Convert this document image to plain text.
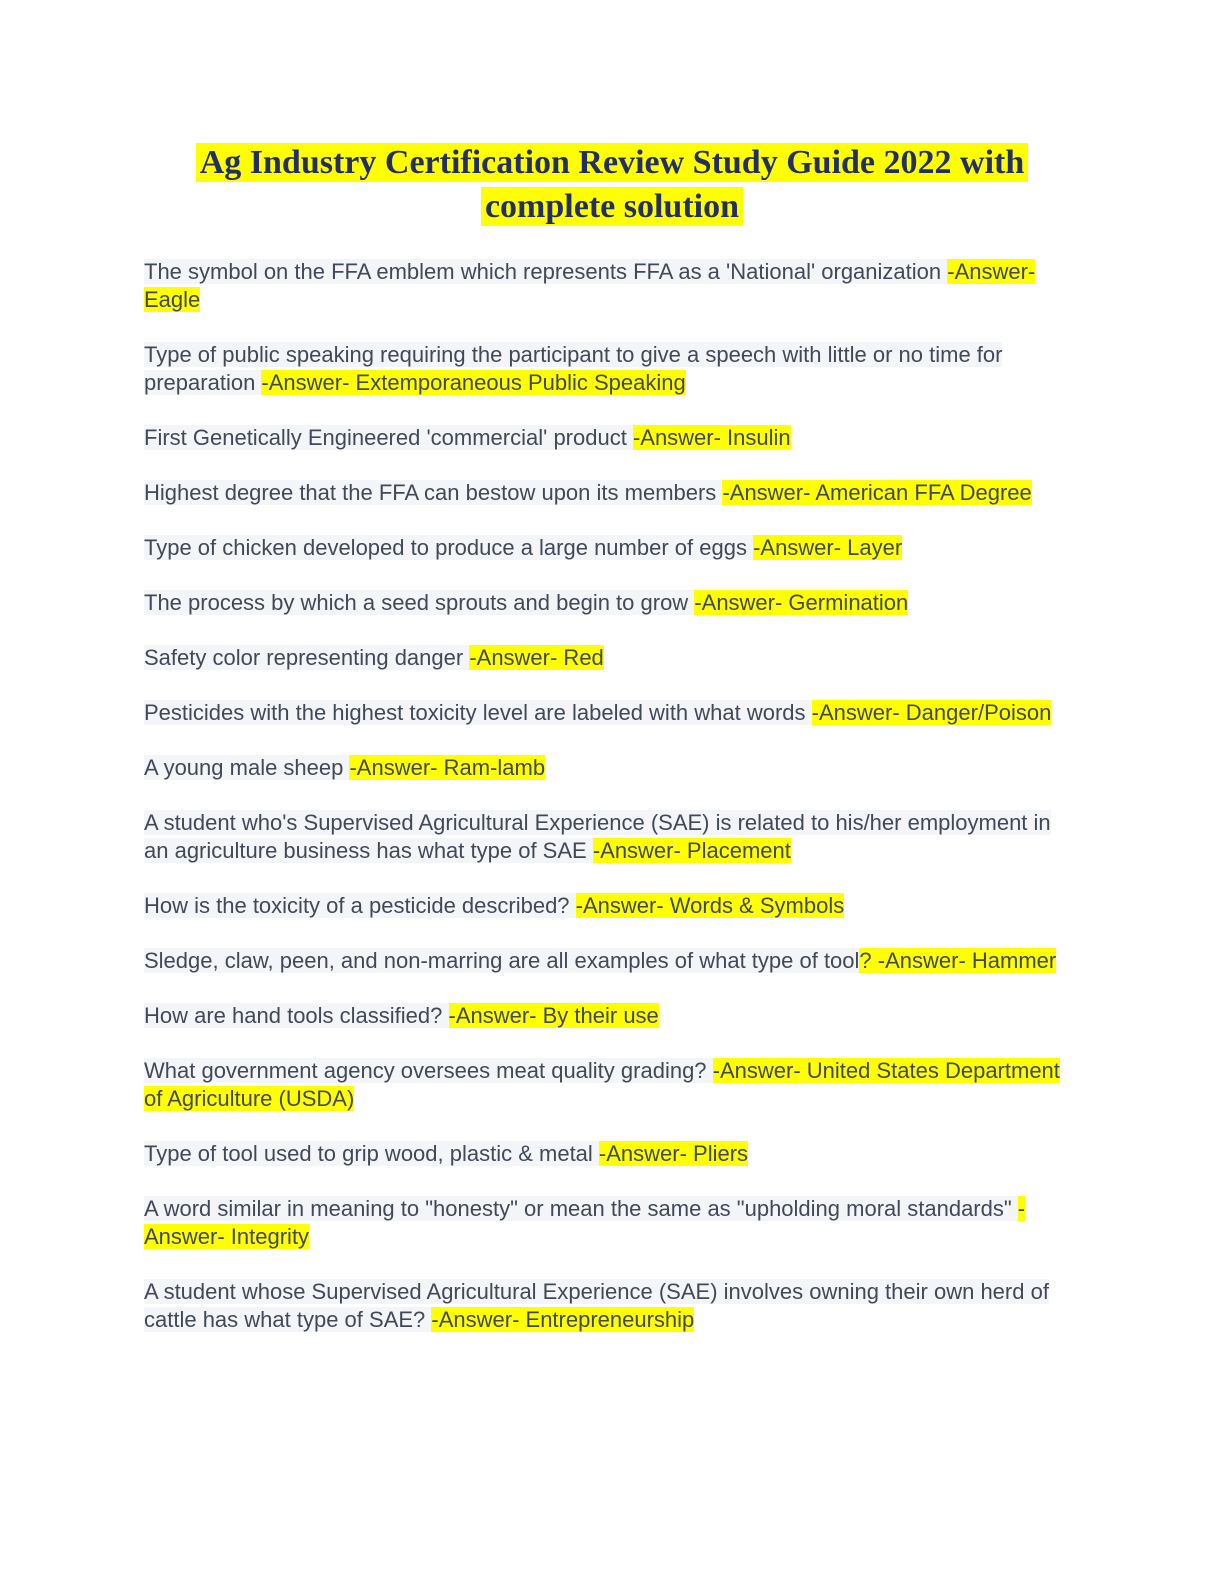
Ag Industry Certification Review Study Guide 2022 with
complete solution

The symbol on the FFA emblem which represents FFA as a 'National' organization -Answer- Eagle

Type of public speaking requiring the participant to give a speech with little or no time for preparation -Answer- Extemporaneous Public Speaking

First Genetically Engineered 'commercial' product -Answer- Insulin

Highest degree that the FFA can bestow upon its members -Answer- American FFA Degree

Type of chicken developed to produce a large number of eggs -Answer- Layer

The process by which a seed sprouts and begin to grow -Answer- Germination

Safety color representing danger -Answer- Red

Pesticides with the highest toxicity level are labeled with what words -Answer- Danger/Poison

A young male sheep -Answer- Ram-lamb

A student who's Supervised Agricultural Experience (SAE) is related to his/her employment in an agriculture business has what type of SAE -Answer- Placement

How is the toxicity of a pesticide described? -Answer- Words & Symbols

Sledge, claw, peen, and non-marring are all examples of what type of tool? -Answer- Hammer

How are hand tools classified? -Answer- By their use

What government agency oversees meat quality grading? -Answer- United States Department of Agriculture (USDA)

Type of tool used to grip wood, plastic & metal -Answer- Pliers

A word similar in meaning to "honesty" or mean the same as "upholding moral standards" -Answer- Integrity

A student whose Supervised Agricultural Experience (SAE) involves owning their own herd of cattle has what type of SAE? -Answer- Entrepreneurship
